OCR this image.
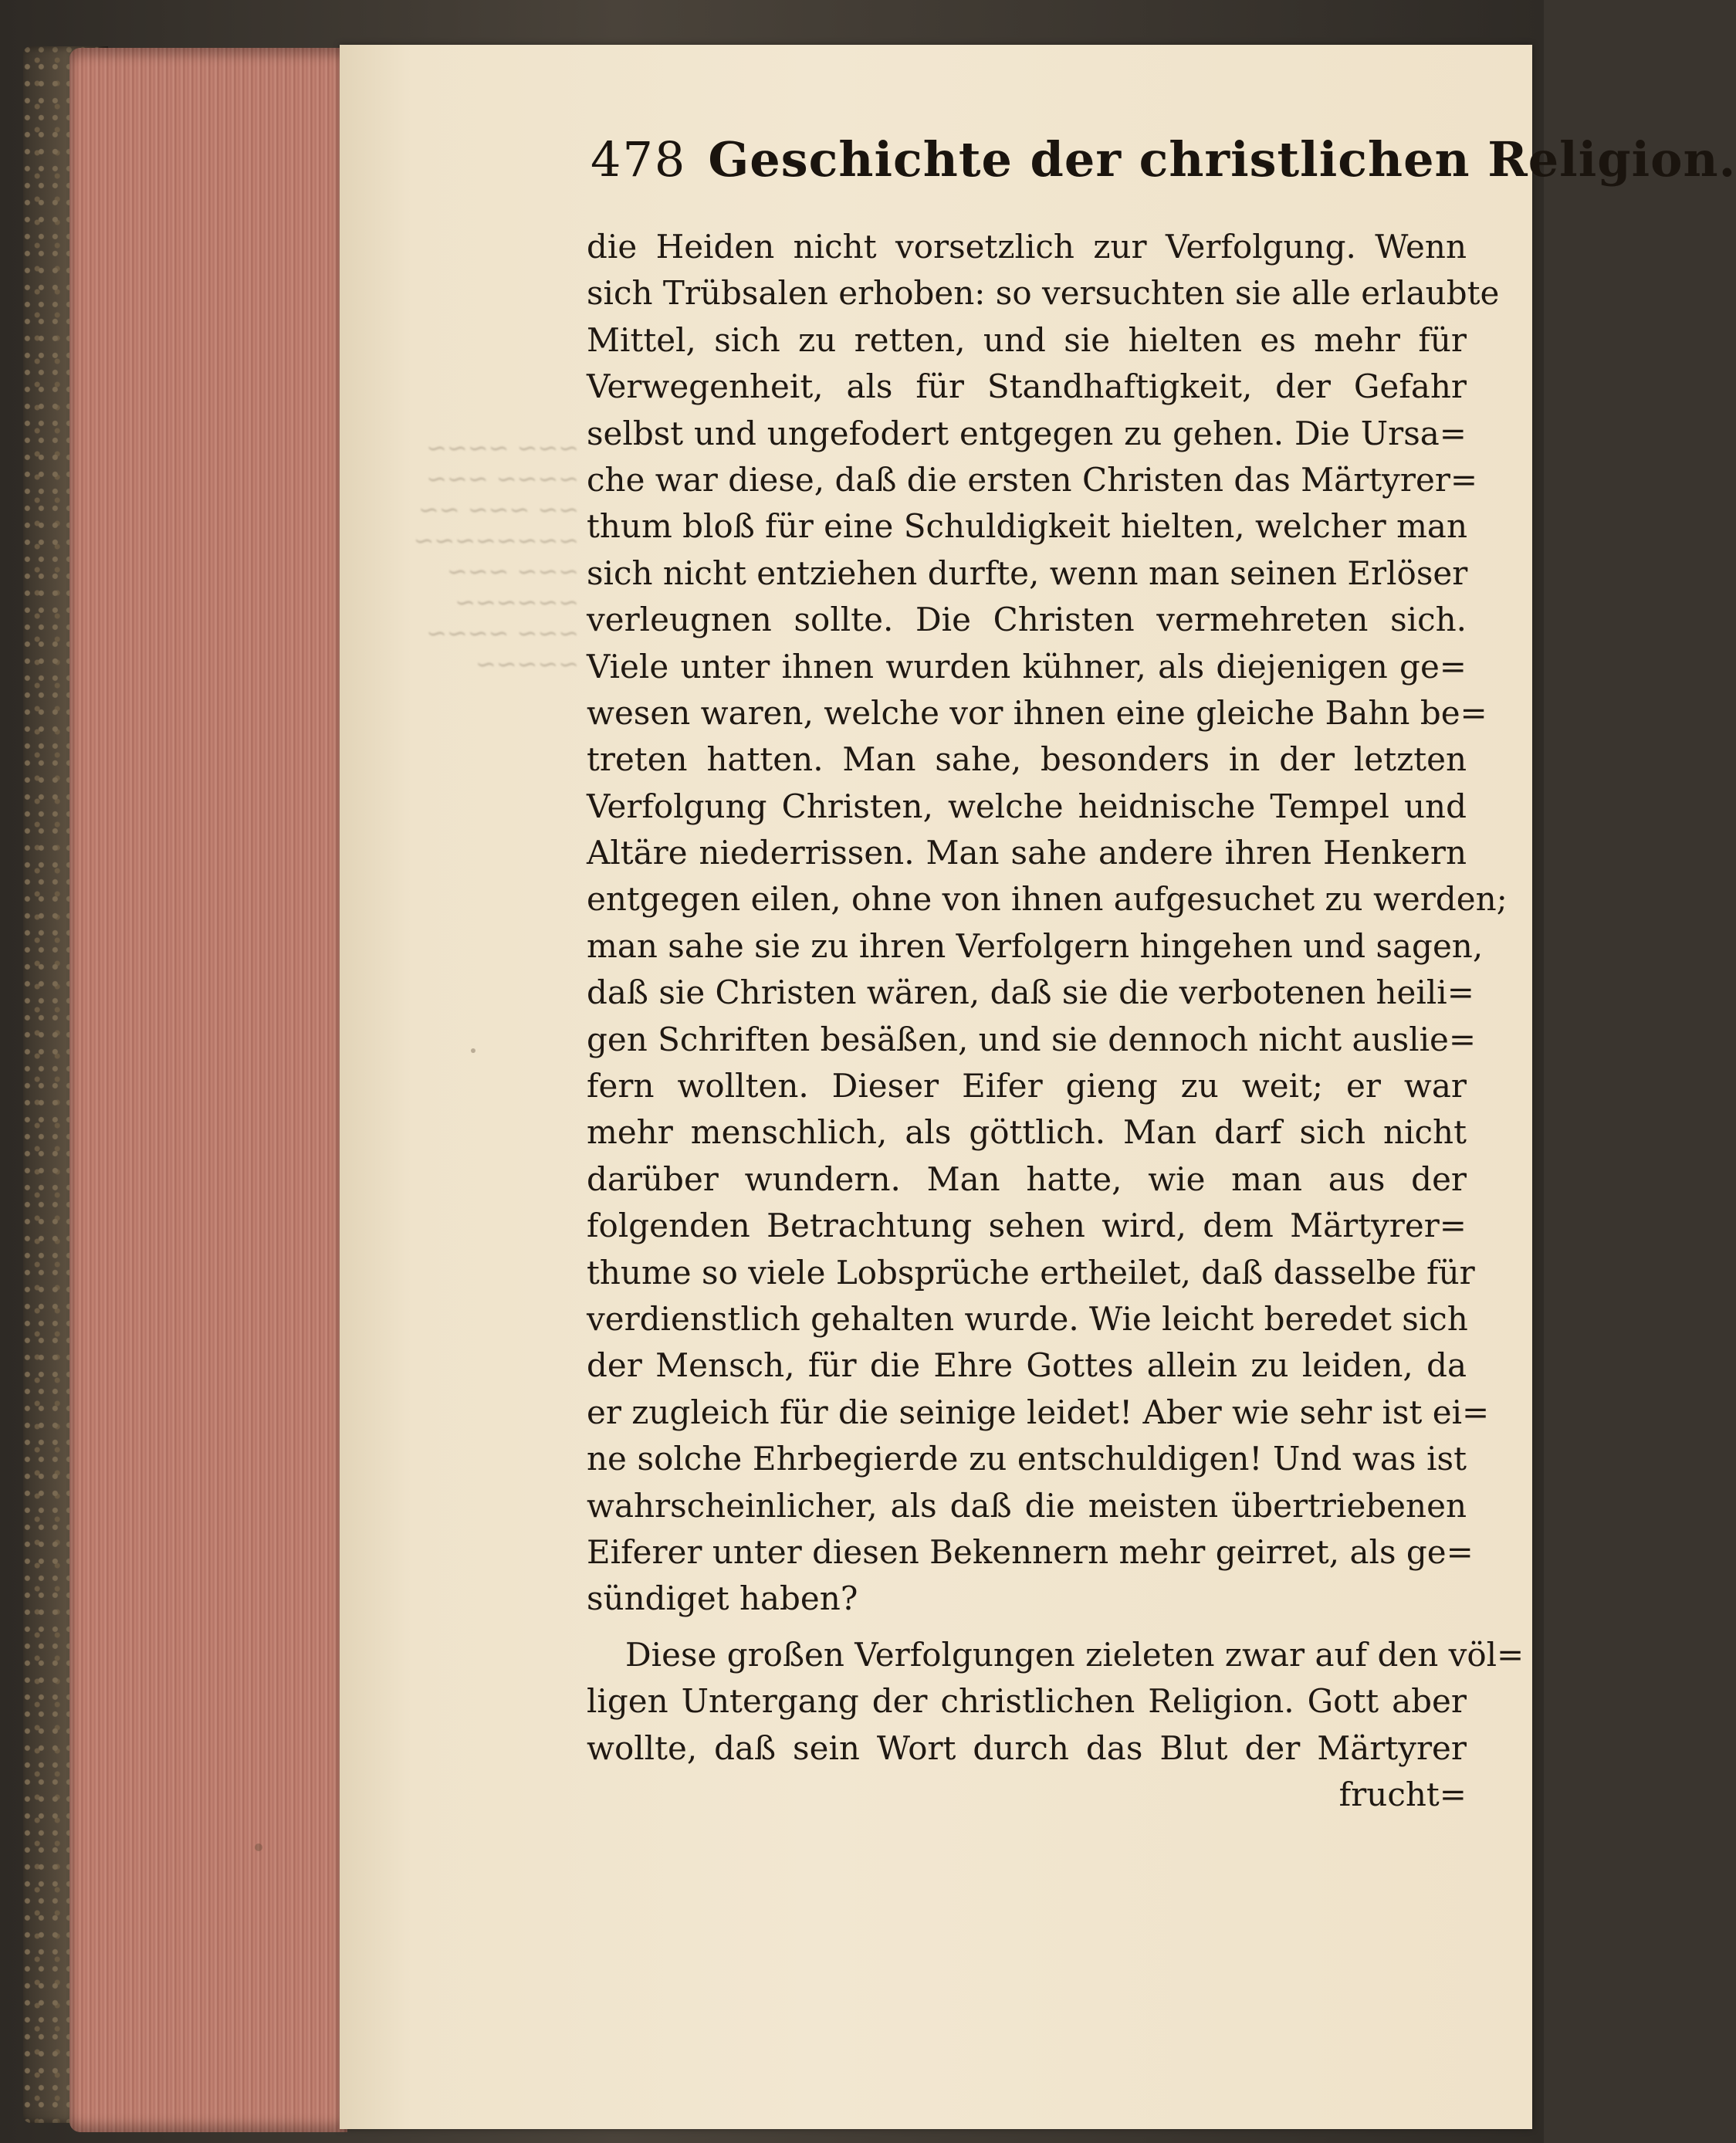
~~~ ~~~~
~~~~ ~~~
~~ ~~~ ~~
~~~~~~~~
~~~ ~~~
~~~~~~
~~~ ~~~~
~~~~~
478 Geschichte der christlichen Religion.
die Heiden nicht vorsetzlich zur Verfolgung. Wenn
sich Trübsalen erhoben: so versuchten sie alle erlaubte
Mittel, sich zu retten, und sie hielten es mehr für
Verwegenheit, als für Standhaftigkeit, der Gefahr
selbst und ungefodert entgegen zu gehen. Die Ursa=
che war diese, daß die ersten Christen das Märtyrer=
thum bloß für eine Schuldigkeit hielten, welcher man
sich nicht entziehen durfte, wenn man seinen Erlöser
verleugnen sollte. Die Christen vermehreten sich.
Viele unter ihnen wurden kühner, als diejenigen ge=
wesen waren, welche vor ihnen eine gleiche Bahn be=
treten hatten. Man sahe, besonders in der letzten
Verfolgung Christen, welche heidnische Tempel und
Altäre niederrissen. Man sahe andere ihren Henkern
entgegen eilen, ohne von ihnen aufgesuchet zu werden;
man sahe sie zu ihren Verfolgern hingehen und sagen,
daß sie Christen wären, daß sie die verbotenen heili=
gen Schriften besäßen, und sie dennoch nicht auslie=
fern wollten. Dieser Eifer gieng zu weit; er war
mehr menschlich, als göttlich. Man darf sich nicht
darüber wundern. Man hatte, wie man aus der
folgenden Betrachtung sehen wird, dem Märtyrer=
thume so viele Lobsprüche ertheilet, daß dasselbe für
verdienstlich gehalten wurde. Wie leicht beredet sich
der Mensch, für die Ehre Gottes allein zu leiden, da
er zugleich für die seinige leidet! Aber wie sehr ist ei=
ne solche Ehrbegierde zu entschuldigen! Und was ist
wahrscheinlicher, als daß die meisten übertriebenen
Eiferer unter diesen Bekennern mehr geirret, als ge=
sündiget haben?
Diese großen Verfolgungen zieleten zwar auf den völ=
ligen Untergang der christlichen Religion. Gott aber
wollte, daß sein Wort durch das Blut der Märtyrer
frucht=
